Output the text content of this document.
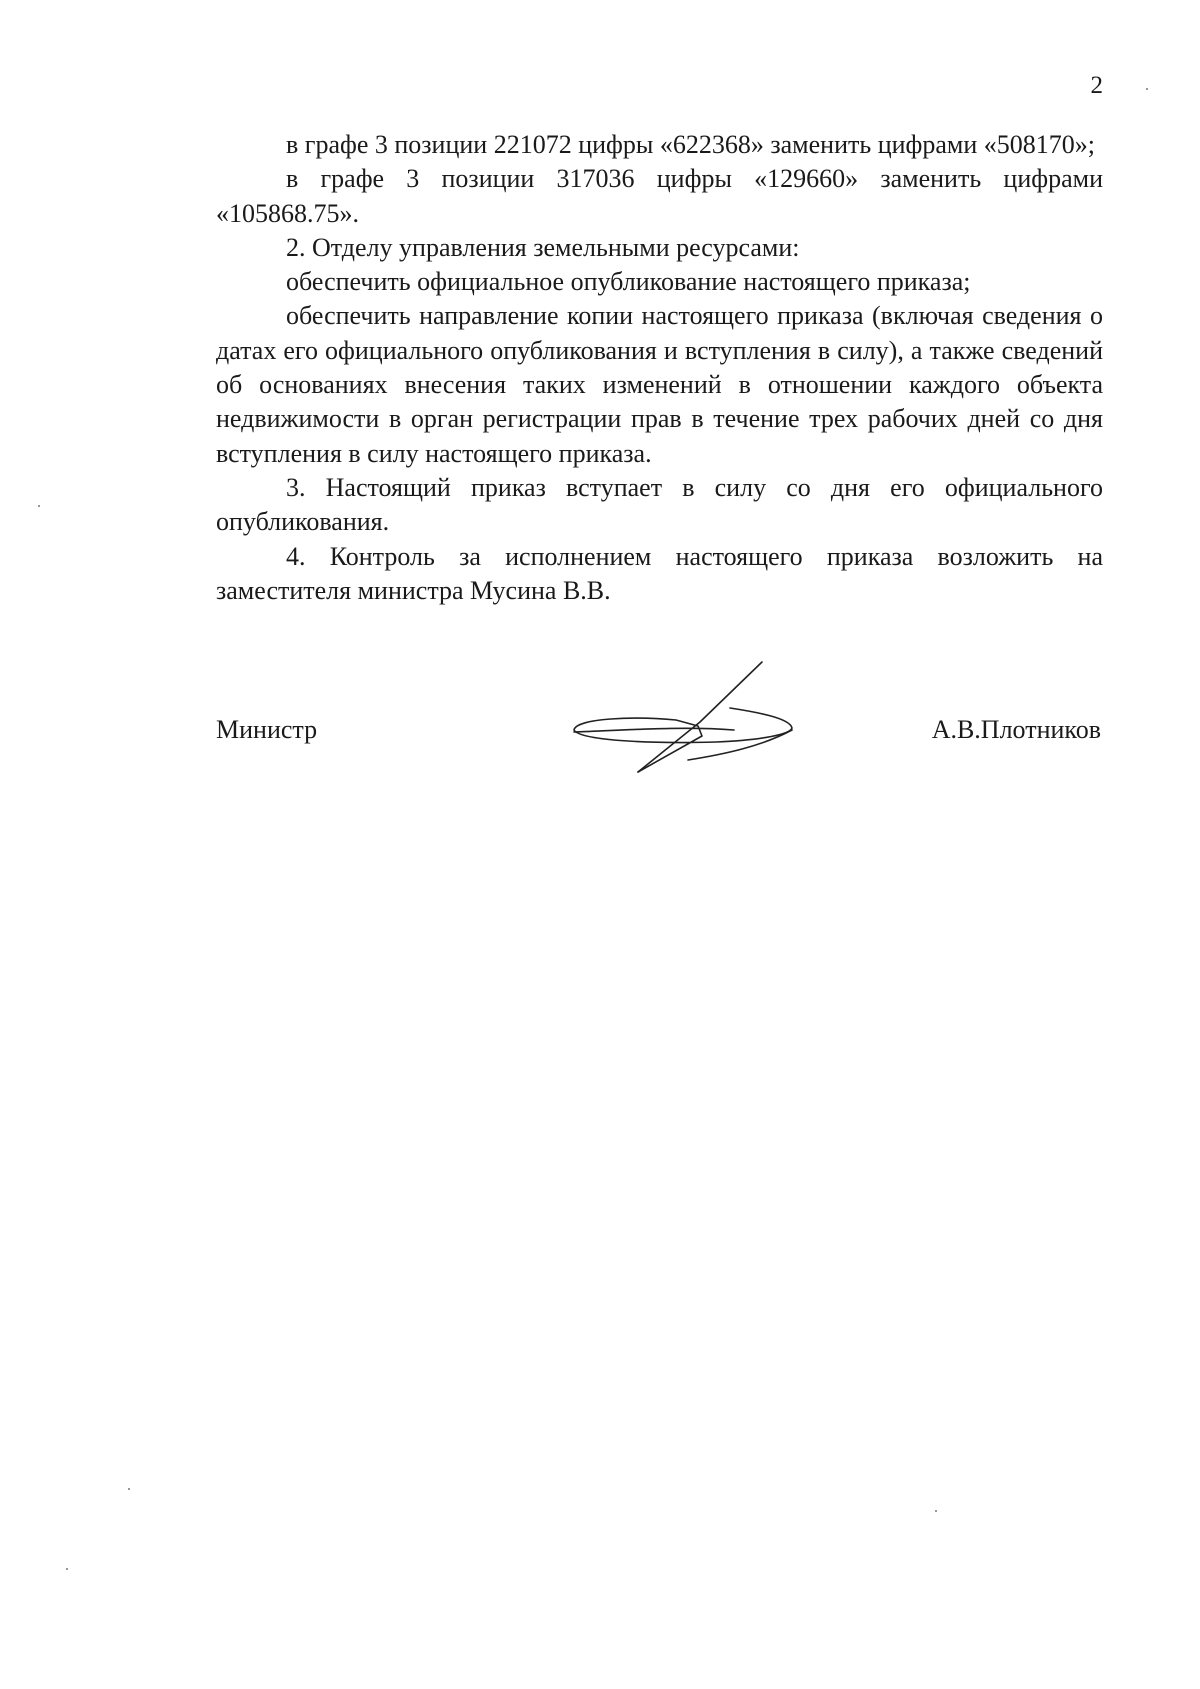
2

в графе 3 позиции 221072 цифры «622368» заменить цифрами «508170»;

в графе 3 позиции 317036 цифры «129660» заменить цифрами «105868.75».

2. Отделу управления земельными ресурсами:

обеспечить официальное опубликование настоящего приказа;

обеспечить направление копии настоящего приказа (включая сведения о датах его официального опубликования и вступления в силу), а также сведений об основаниях внесения таких изменений в отношении каждого объекта недвижимости в орган регистрации прав в течение трех рабочих дней со дня вступления в силу настоящего приказа.

3. Настоящий приказ вступает в силу со дня его официального опубликования.

4. Контроль за исполнением настоящего приказа возложить на заместителя министра Мусина В.В.

Министр	А.В.Плотников
